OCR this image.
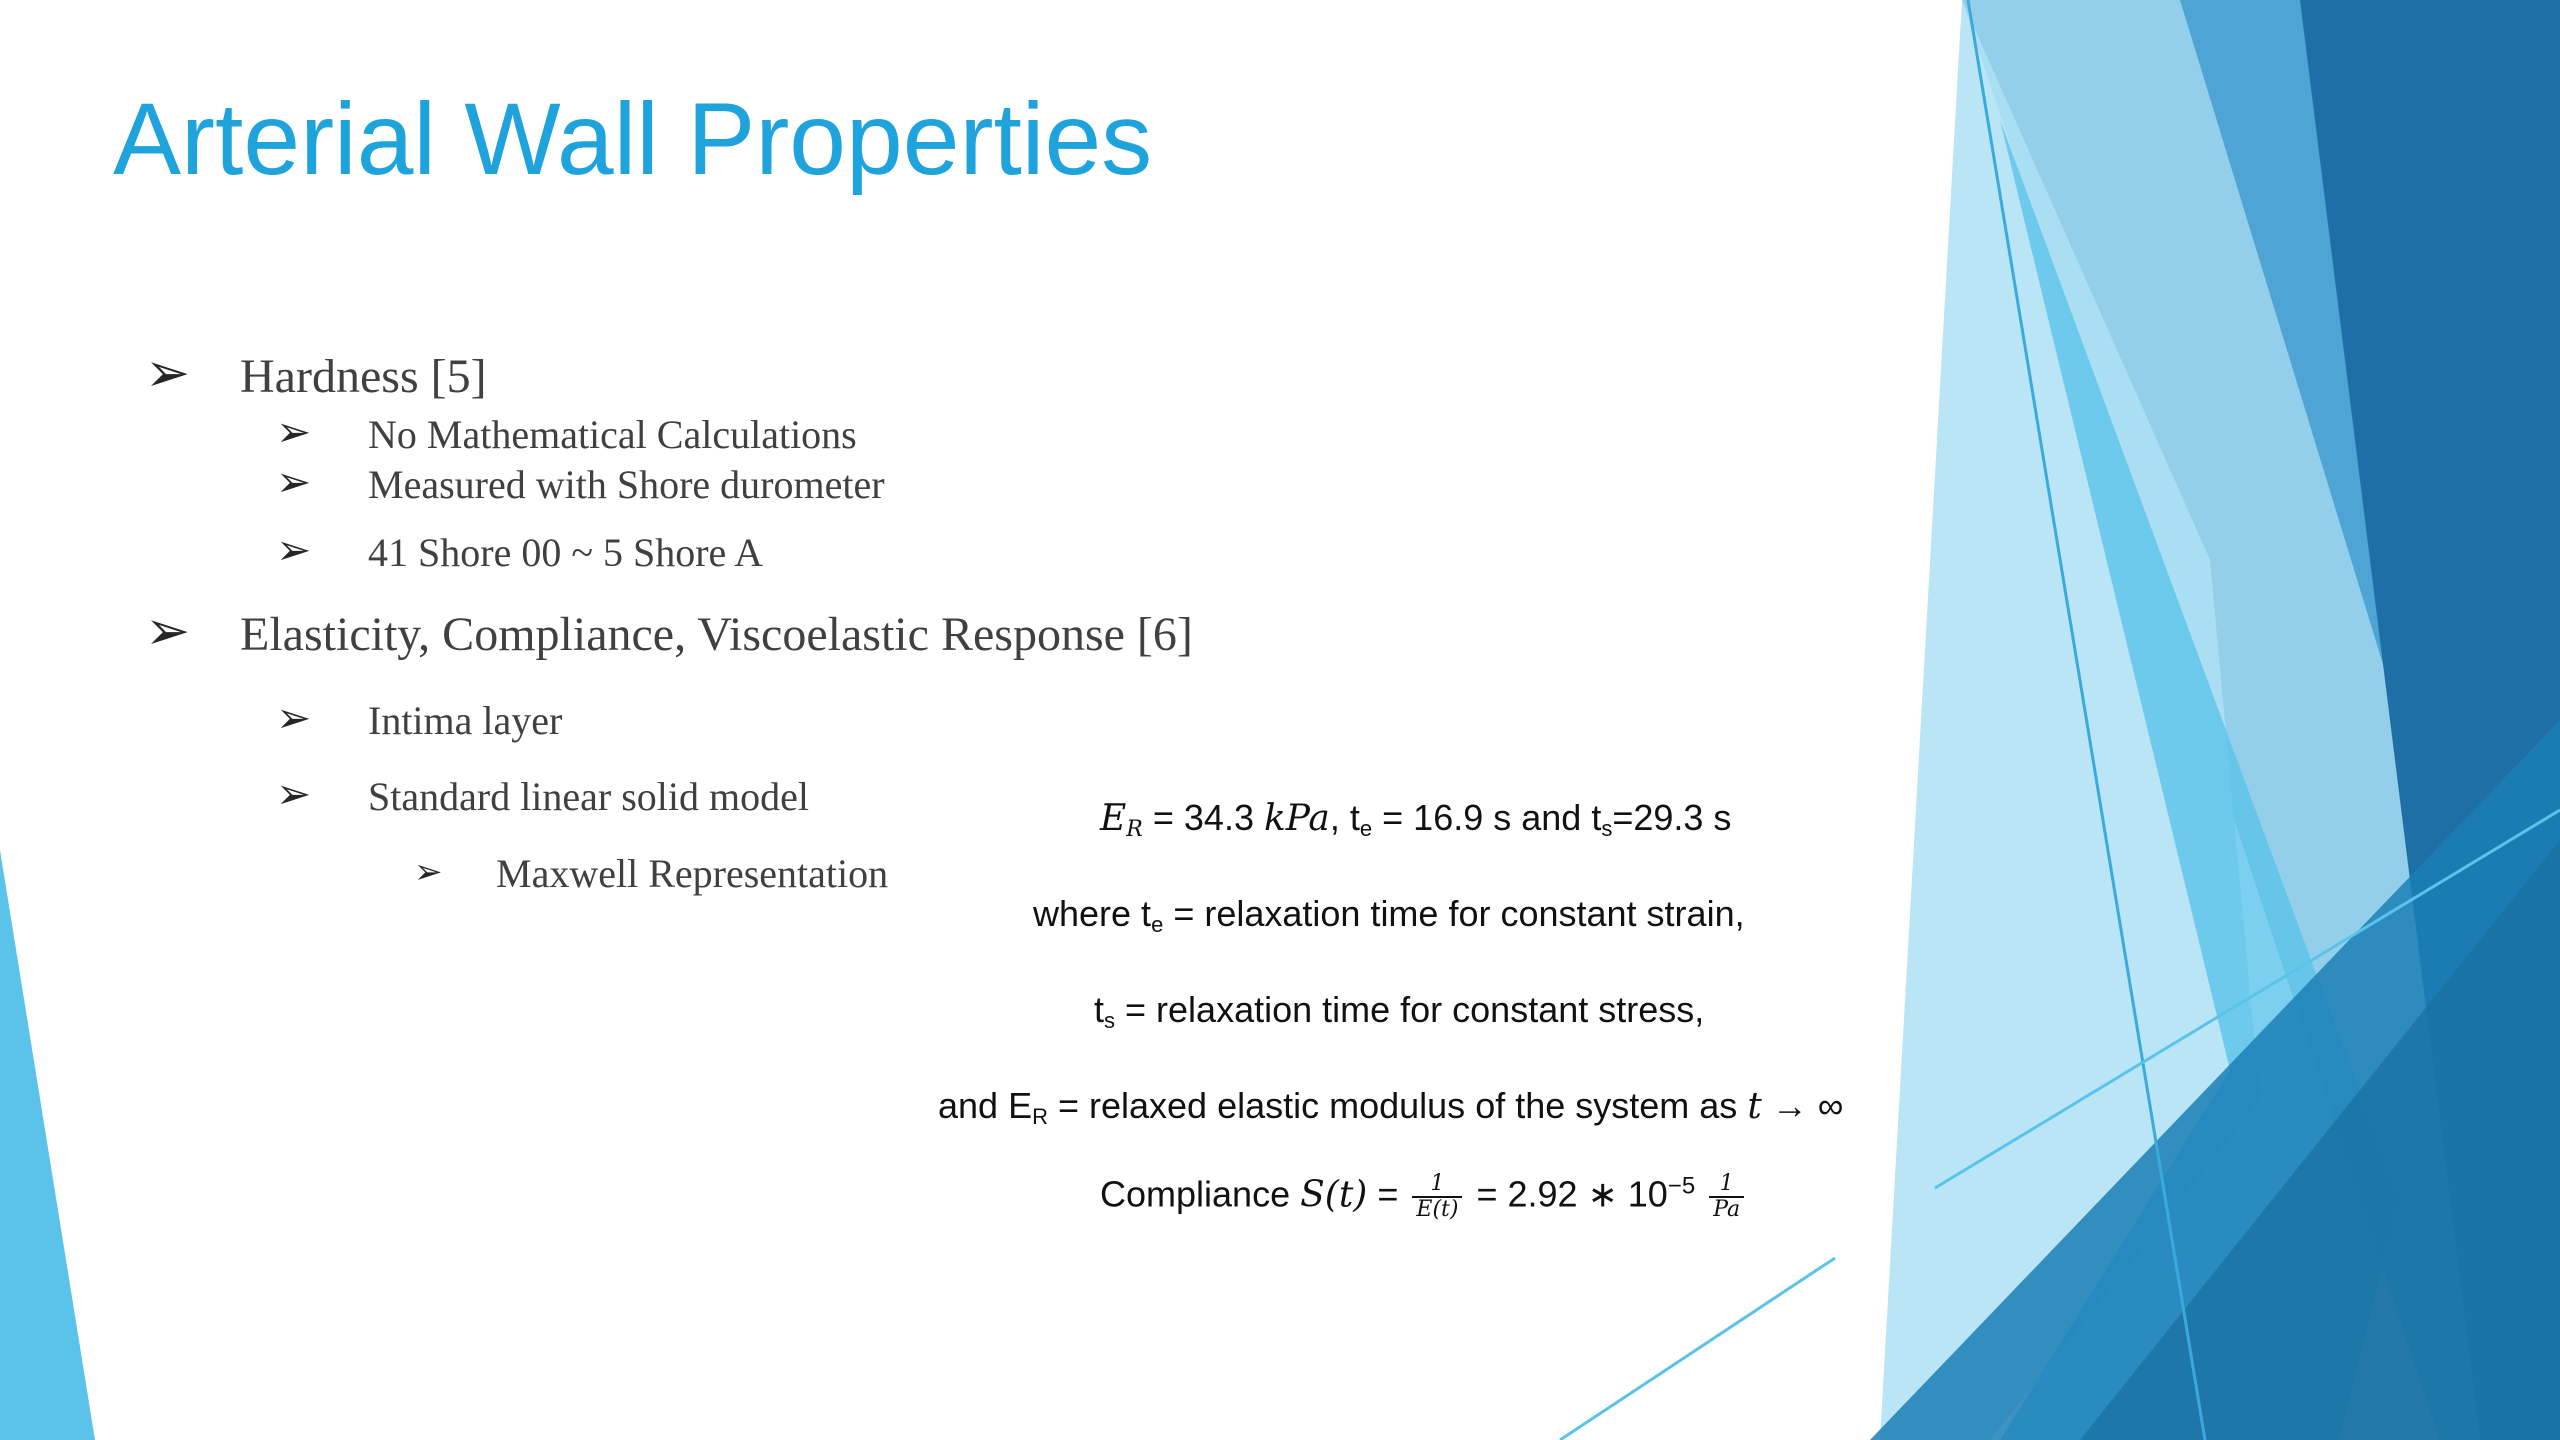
Arterial Wall Properties
➢ Hardness [5]
➢ No Mathematical Calculations
➢ Measured with Shore durometer
➢ 41 Shore 00 ~ 5 Shore A
➢ Elasticity, Compliance, Viscoelastic Response [6]
➢ Intima layer
➢ Standard linear solid model
➢ Maxwell Representation
$E_R = 34.3$ kPa, $t_e = 16.9$ s and $t_s=29.3$ s
where $t_e$ = relaxation time for constant strain,
$t_s$ = relaxation time for constant stress,
and $E_R$ = relaxed elastic modulus of the system as t → ∞
Compliance $S(t) = \frac{1}{E(t)} = 2.92$ ∗ $10^{-5} \frac{1}{Pa}$
